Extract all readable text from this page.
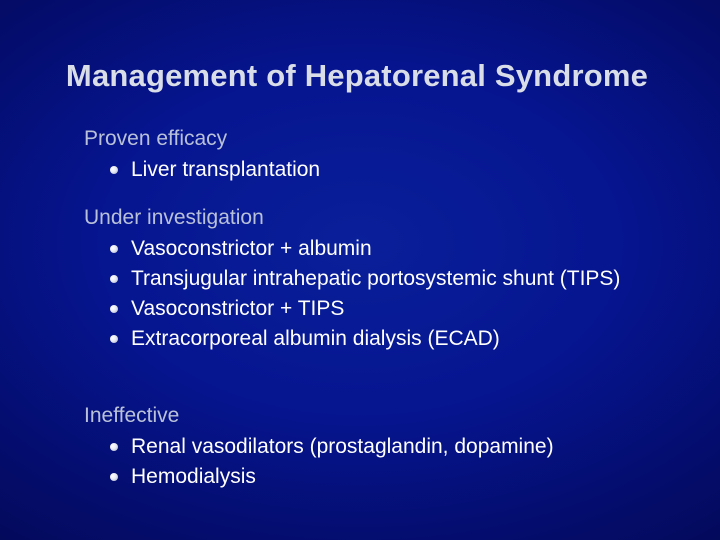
Management of Hepatorenal Syndrome
Proven efficacy
Liver transplantation
Under investigation
Vasoconstrictor + albumin
Transjugular intrahepatic portosystemic shunt (TIPS)
Vasoconstrictor + TIPS
Extracorporeal albumin dialysis (ECAD)
Ineffective
Renal vasodilators (prostaglandin, dopamine)
Hemodialysis
